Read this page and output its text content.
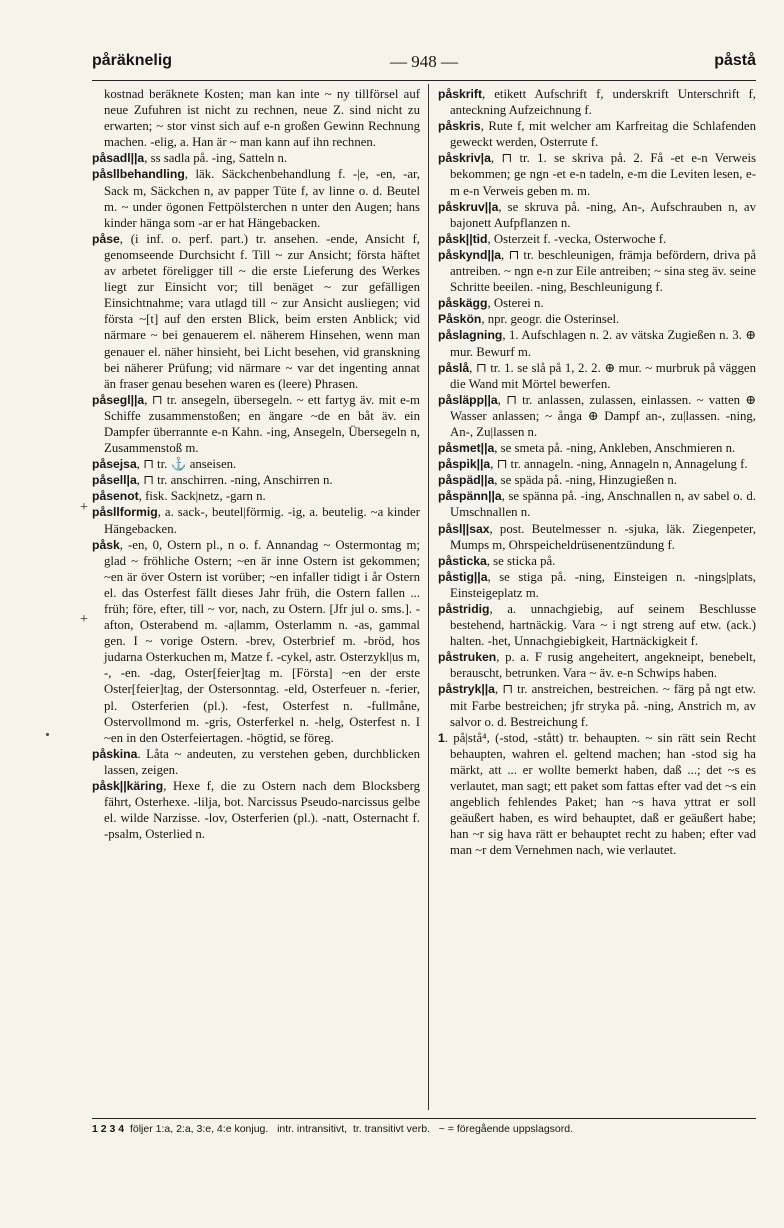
påräknelig	— 948 —	påstå
+
+

kostnad beräknete Kosten; man kan inte ~ ny tillförsel auf neue Zufuhren ist nicht zu rechnen, neue Z. sind nicht zu erwarten; ~ stor vinst sich auf e-n großen Gewinn Rechnung machen. -elig, a. Han är ~ man kann auf ihn rechnen.

påsadl||a, ss sadla på. -ing, Satteln n.

påsllbehandling, läk. Säckchenbehandlung f. -|e, -en, -ar, Sack m, Säckchen n, av papper Tüte f, av linne o. d. Beutel m. ~ under ögonen Fettpölsterchen n unter den Augen; hans kinder hänga som -ar er hat Hängebacken.

påse, (i inf. o. perf. part.) tr. ansehen. -ende, Ansicht f, genomseende Durchsicht f. Till ~ zur Ansicht; första häftet av arbetet föreligger till ~ die erste Lieferung des Werkes liegt zur Einsicht vor; till benäget ~ zur gefälligen Einsichtnahme; vara utlagd till ~ zur Ansicht ausliegen; vid första ~[t] auf den ersten Blick, beim ersten Anblick; vid närmare ~ bei genauerem el. näherem Hinsehen, wenn man genauer el. näher hinsieht, bei Licht besehen, vid granskning bei näherer Prüfung; vid närmare ~ var det ingenting annat än fraser genau besehen waren es (leere) Phrasen.

påsegl||a, ⊓ tr. ansegeln, übersegeln. ~ ett fartyg äv. mit e-m Schiffe zusammenstoßen; en ängare ~de en båt äv. ein Dampfer überrannte e-n Kahn. -ing, Ansegeln, Übersegeln n, Zusammenstoß m.

påsejsa, ⊓ tr. ⚓ anseisen.

påsell|a, ⊓ tr. anschirren. -ning, Anschirren n.

påsenot, fisk. Sack|netz, -garn n.

påsllformig, a. sack-, beutel|förmig. -ig, a. beutelig. ~a kinder Hängebacken.

påsk, -en, 0, Ostern pl., n o. f. Annandag ~ Ostermontag m; glad ~ fröhliche Ostern; ~en är inne Ostern ist gekommen; ~en är över Ostern ist vorüber; ~en infaller tidigt i år Ostern el. das Osterfest fällt dieses Jahr früh, die Ostern fallen ... früh; före, efter, till ~ vor, nach, zu Ostern. [Jfr jul o. sms.]. -afton, Osterabend m. -a|lamm, Osterlamm n. -as, gammal gen. I ~ vorige Ostern. -brev, Osterbrief m. -bröd, hos judarna Osterkuchen m, Matze f. -cykel, astr. Osterzykl|us m, -, -en. -dag, Oster[feier]tag m. [Första] ~en der erste Oster[feier]tag, der Ostersonntag. -eld, Osterfeuer n. -ferier, pl. Osterferien (pl.). -fest, Osterfest n. -fullmåne, Ostervollmond m. -gris, Osterferkel n. -helg, Osterfest n. I ~en in den Osterfeiertagen. -högtid, se föreg.

påskina. Låta ~ andeuten, zu verstehen geben, durchblicken lassen, zeigen.

påsk||käring, Hexe f, die zu Ostern nach dem Blocksberg fährt, Osterhexe. -lilja, bot. Narcissus Pseudo-narcissus gelbe el. wilde Narzisse. -lov, Osterferien (pl.). -natt, Osternacht f. -psalm, Osterlied n.

påskrift, etikett Aufschrift f, underskrift Unterschrift f, anteckning Aufzeichnung f.

påskris, Rute f, mit welcher am Karfreitag die Schlafenden geweckt werden, Osterrute f.

påskriv|a, ⊓ tr. 1. se skriva på. 2. Få -et e-n Verweis bekommen; ge ngn -et e-n tadeln, e-m die Leviten lesen, e-m e-n Verweis geben m. m.

påskruv||a, se skruva på. -ning, An-, Aufschrauben n, av bajonett Aufpflanzen n.

påsk||tid, Osterzeit f. -vecka, Osterwoche f.

påskynd||a, ⊓ tr. beschleunigen, främja befördern, driva på antreiben. ~ ngn e-n zur Eile antreiben; ~ sina steg äv. seine Schritte beeilen. -ning, Beschleunigung f.

påskägg, Osterei n.

Påskön, npr. geogr. die Osterinsel.

påslagning, 1. Aufschlagen n. 2. av vätska Zugießen n. 3. ⊕ mur. Bewurf m.

påslå, ⊓ tr. 1. se slå på 1, 2. 2. ⊕ mur. ~ murbruk på väggen die Wand mit Mörtel bewerfen.

påsläpp||a, ⊓ tr. anlassen, zulassen, einlassen. ~ vatten ⊕ Wasser anlassen; ~ ånga ⊕ Dampf an-, zu|lassen. -ning, An-, Zu|lassen n.

påsmet||a, se smeta på. -ning, Ankleben, Anschmieren n.

påspik||a, ⊓ tr. annageln. -ning, Annageln n, Annagelung f.

påspäd||a, se späda på. -ning, Hinzugießen n.

påspänn||a, se spänna på. -ing, Anschnallen n, av sabel o. d. Umschnallen n.

påsl||sax, post. Beutelmesser n. -sjuka, läk. Ziegenpeter, Mumps m, Ohrspeicheldrüsenentzündung f.

påsticka, se sticka på.

påstig||a, se stiga på. -ning, Einsteigen n. -nings|plats, Einsteigeplatz m.

påstridig, a. unnachgiebig, auf seinem Beschlusse bestehend, hartnäckig. Vara ~ i ngt streng auf etw. (ack.) halten. -het, Unnachgiebigkeit, Hartnäckigkeit f.

påstruken, p. a. F rusig angeheitert, angekneipt, benebelt, berauscht, betrunken. Vara ~ äv. e-n Schwips haben.

påstryk||a, ⊓ tr. anstreichen, bestreichen. ~ färg på ngt etw. mit Farbe bestreichen; jfr stryka på. -ning, Anstrich m, av salvor o. d. Bestreichung f.

1. på|stå⁴, (-stod, -stått) tr. behaupten. ~ sin rätt sein Recht behaupten, wahren el. geltend machen; han -stod sig ha märkt, att ... er wollte bemerkt haben, daß ...; det ~s es verlautet, man sagt; ett paket som fattas efter vad det ~s ein angeblich fehlendes Paket; han ~s hava yttrat er soll geäußert haben, es wird behauptet, daß er geäußert habe; han ~r sig hava rätt er behauptet recht zu haben; efter vad man ~r dem Vernehmen nach, wie verlautet.

1 2 3 4 följer 1:a, 2:a, 3:e, 4:e konjug. intr. intransitivt, tr. transitivt verb. ~ = föregående uppslagsord.
